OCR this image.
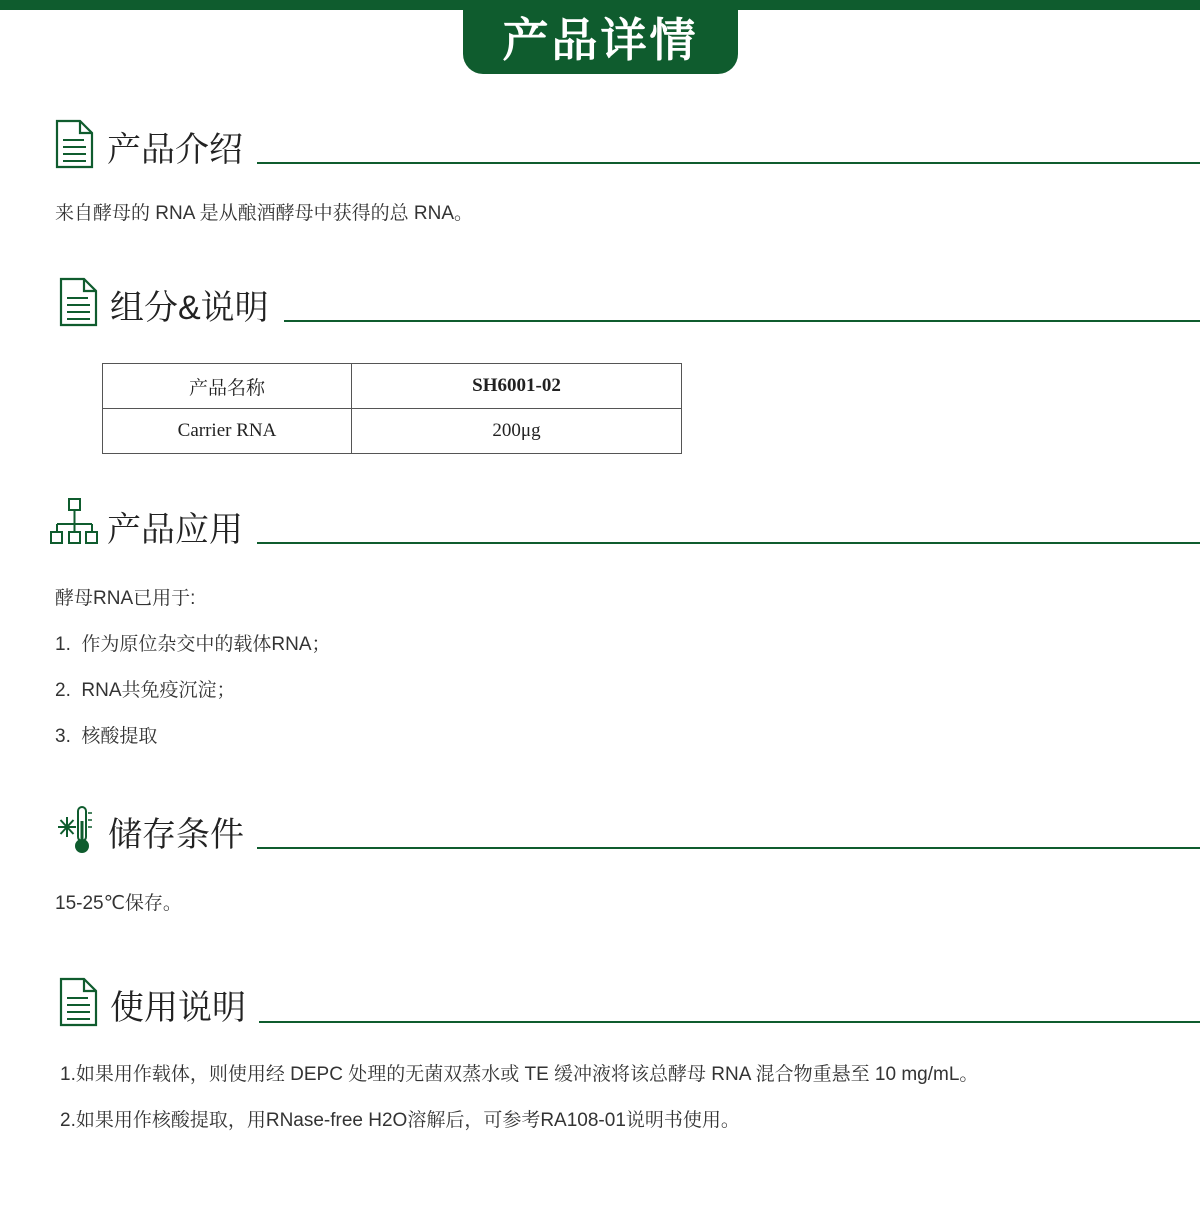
产品详情
产品介绍
来自酵母的 RNA 是从酿酒酵母中获得的总 RNA。
组分&说明
产品名称	SH6001-02
Carrier RNA	200μg
产品应用
酵母RNA已用于:
1.  作为原位杂交中的载体RNA；
2.  RNA共免疫沉淀；
3.  核酸提取
储存条件
15-25℃保存。
使用说明
1.如果用作载体，则使用经 DEPC 处理的无菌双蒸水或 TE 缓冲液将该总酵母 RNA 混合物重悬至 10 mg/mL。
2.如果用作核酸提取，用RNase-free H2O溶解后，可参考RA108-01说明书使用。
